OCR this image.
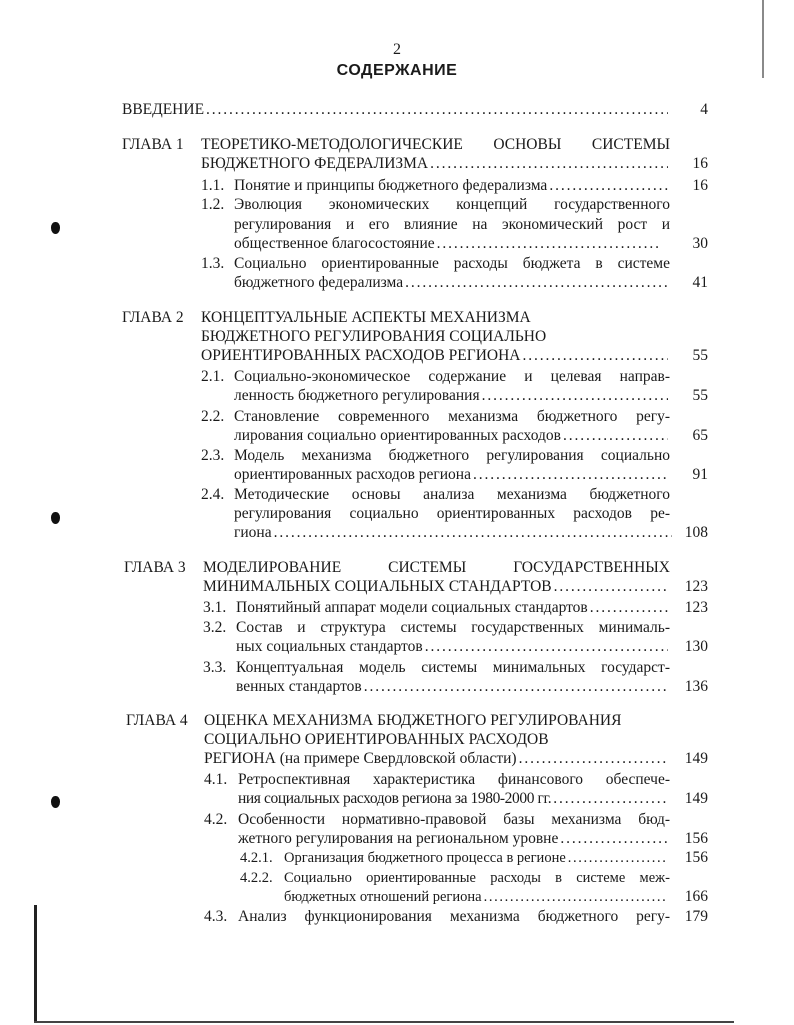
2
СОДЕРЖАНИЕ
ВВЕДЕНИЕ . . .	4
ГЛАВА 1 ТЕОРЕТИКО-МЕТОДОЛОГИЧЕСКИЕ ОСНОВЫ СИСТЕМЫ
БЮДЖЕТНОГО ФЕДЕРАЛИЗМА . . .	16
1.1. Понятие и принципы бюджетного федерализма . . .	16
1.2. Эволюция экономических концепций государственного
регулирования и его влияние на экономический рост и
общественное благосостояние . . .	30
1.3. Социально ориентированные расходы бюджета в системе
бюджетного федерализма . . .	41
ГЛАВА 2 КОНЦЕПТУАЛЬНЫЕ АСПЕКТЫ МЕХАНИЗМА
БЮДЖЕТНОГО РЕГУЛИРОВАНИЯ СОЦИАЛЬНО
ОРИЕНТИРОВАННЫХ РАСХОДОВ РЕГИОНА . . .	55
2.1. Социально-экономическое содержание и целевая направ-
ленность бюджетного регулирования . . .	55
2.2. Становление современного механизма бюджетного регу-
лирования социально ориентированных расходов . . .	65
2.3. Модель механизма бюджетного регулирования социально
ориентированных расходов региона . . .	91
2.4. Методические основы анализа механизма бюджетного
регулирования социально ориентированных расходов ре-
гиона . . .	108
ГЛАВА 3 МОДЕЛИРОВАНИЕ СИСТЕМЫ ГОСУДАРСТВЕННЫХ
МИНИМАЛЬНЫХ СОЦИАЛЬНЫХ СТАНДАРТОВ . . .	123
3.1. Понятийный аппарат модели социальных стандартов . . .	123
3.2. Состав и структура системы государственных минималь-
ных социальных стандартов . . .	130
3.3. Концептуальная модель системы минимальных государст-
венных стандартов . . .	136
ГЛАВА 4 ОЦЕНКА МЕХАНИЗМА БЮДЖЕТНОГО РЕГУЛИРОВАНИЯ
СОЦИАЛЬНО ОРИЕНТИРОВАННЫХ РАСХОДОВ
РЕГИОНА (на примере Свердловской области) . . .	149
4.1. Ретроспективная характеристика финансового обеспече-
ния социальных расходов региона за 1980-2000 гг. . . .	149
4.2. Особенности нормативно-правовой базы механизма бюд-
жетного регулирования на региональном уровне . . .	156
4.2.1. Организация бюджетного процесса в регионе . . .	156
4.2.2. Социально ориентированные расходы в системе меж-
бюджетных отношений региона . . .	166
4.3. Анализ функционирования механизма бюджетного регу- 179
